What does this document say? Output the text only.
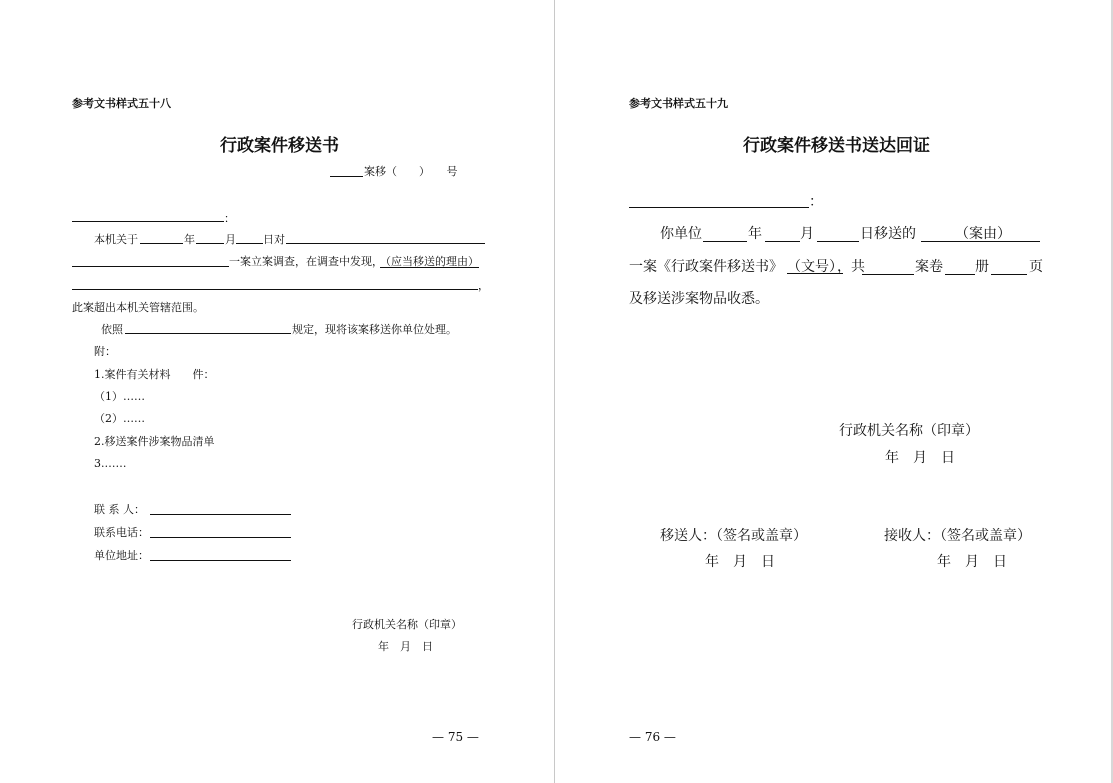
参考文书样式五十八
行政案件移送书
案移（　　）　　号
：
本机关于	年	月 日对
一案立案调查，在调查中发现，
（应当移送的理由）
，
此案超出本机关管辖范围。
依照	规定，现将该案移送你单位处理。
附：
1.案件有关材料　　件：
（1）……
（2）……
2.移送案件涉案物品清单
3.……
联 系 人：
联系电话：
单位地址：
行政机关名称（印章）
年　月　日
— 75 —
参考文书样式五十九
行政案件移送书送达回证
：
你单位	年	月	日移送的	（案由）
一案 《行政案件移送书》 （文号）
，共	案卷 册	页
及移送涉案物品收悉。
行政机关名称（印章）
年　月　日
移送人：（签名或盖章）
年　月　日
接收人：（签名或盖章）
年　月　日
— 76 —
